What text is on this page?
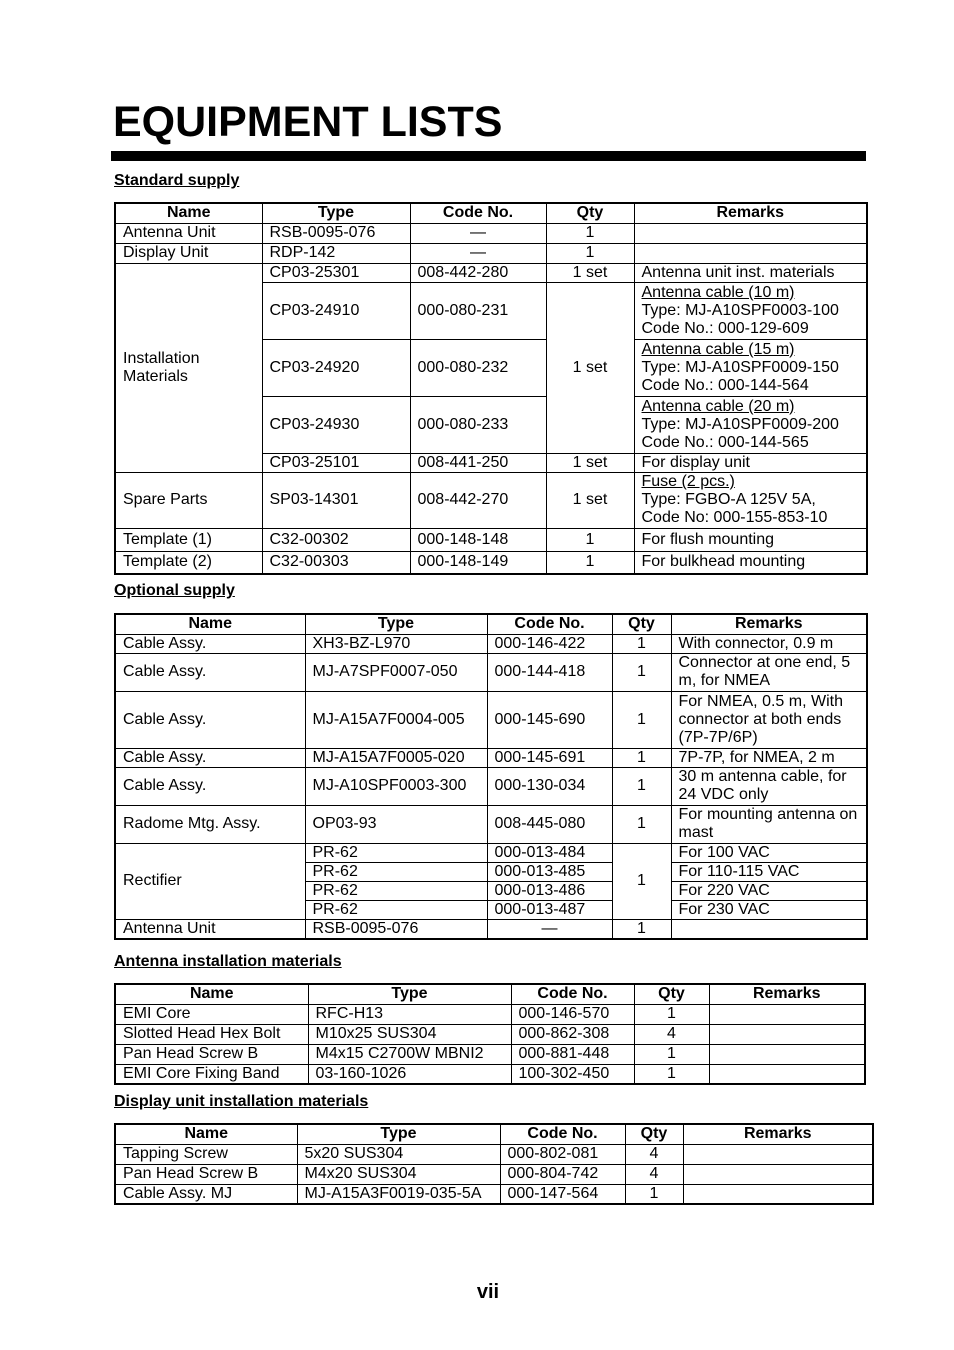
EQUIPMENT LISTS
Standard supply
Name	Type	Code No.	Qty	Remarks
Antenna Unit	RSB-0095-076	—	1	
Display Unit	RDP-142	—	1	
Installation Materials	CP03-25301	008-442-280	1 set	Antenna unit inst. materials
	CP03-24910	000-080-231	1 set	Antenna cable (10 m)
Type: MJ-A10SPF0003-100
Code No.: 000-129-609

	CP03-24920	000-080-232		Antenna cable (15 m)
Type: MJ-A10SPF0009-150
Code No.: 000-144-564

	CP03-24930	000-080-233		Antenna cable (20 m)
Type: MJ-A10SPF0009-200
Code No.: 000-144-565

	CP03-25101	008-441-250	1 set	For display unit
Spare Parts	SP03-14301	008-442-270	1 set	Fuse (2 pcs.)
Type: FGBO-A 125V 5A,
Code No: 000-155-853-10

Template (1)	C32-00302	000-148-148	1	For flush mounting
Template (2)	C32-00303	000-148-149	1	For bulkhead mounting
Optional supply
Name	Type	Code No.	Qty	Remarks
Cable Assy.	XH3-BZ-L970	000-146-422	1	With connector, 0.9 m
Cable Assy.	MJ-A7SPF0007-050	000-144-418	1	Connector at one end, 5 m, for NMEA
Cable Assy.	MJ-A15A7F0004-005	000-145-690	1	For NMEA, 0.5 m, With connector at both ends (7P-7P/6P)
Cable Assy.	MJ-A15A7F0005-020	000-145-691	1	7P-7P, for NMEA, 2 m
Cable Assy.	MJ-A10SPF0003-300	000-130-034	1	30 m antenna cable, for 24 VDC only
Radome Mtg. Assy.	OP03-93	008-445-080	1	For mounting antenna on mast
Rectifier	PR-62	000-013-484	1	For 100 VAC
	PR-62	000-013-485		For 110-115 VAC
	PR-62	000-013-486		For 220 VAC
	PR-62	000-013-487		For 230 VAC
Antenna Unit	RSB-0095-076	—	1	
Antenna installation materials
Name	Type	Code No.	Qty	Remarks
EMI Core	RFC-H13	000-146-570	1	
Slotted Head Hex Bolt	M10x25 SUS304	000-862-308	4	
Pan Head Screw B	M4x15 C2700W MBNI2	000-881-448	1	
EMI Core Fixing Band	03-160-1026	100-302-450	1	
Display unit installation materials
Name	Type	Code No.	Qty	Remarks
Tapping Screw	5x20 SUS304	000-802-081	4	
Pan Head Screw B	M4x20 SUS304	000-804-742	4	
Cable Assy. MJ	MJ-A15A3F0019-035-5A	000-147-564	1	
vii
